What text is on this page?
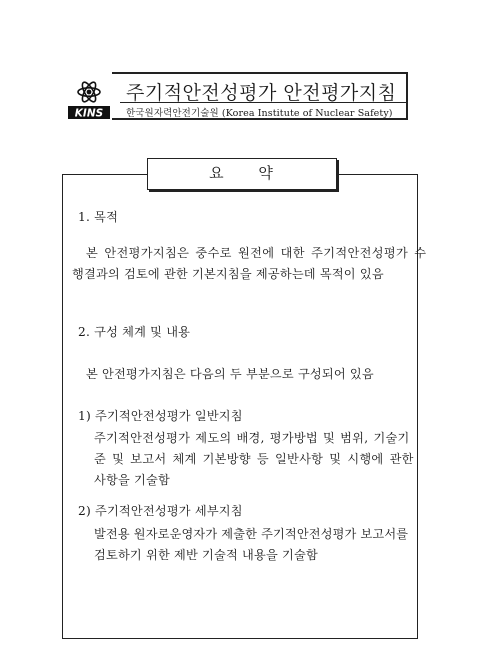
KINS
주기적안전성평가 안전평가지침
한국원자력안전기술원 (Korea Institute of Nuclear Safety)
요 약
1. 목적
본 안전평가지침은 중수로 원전에 대한 주기적안전성평가 수
행결과의 검토에 관한 기본지침을 제공하는데 목적이 있음
2. 구성 체계 및 내용
본 안전평가지침은 다음의 두 부분으로 구성되어 있음
1) 주기적안전성평가 일반지침
주기적안전성평가 제도의 배경, 평가방법 및 범위, 기술기
준 및 보고서 체계 기본방향 등 일반사항 및 시행에 관한
사항을 기술함
2) 주기적안전성평가 세부지침
발전용 원자로운영자가 제출한 주기적안전성평가 보고서를
검토하기 위한 제반 기술적 내용을 기술함
